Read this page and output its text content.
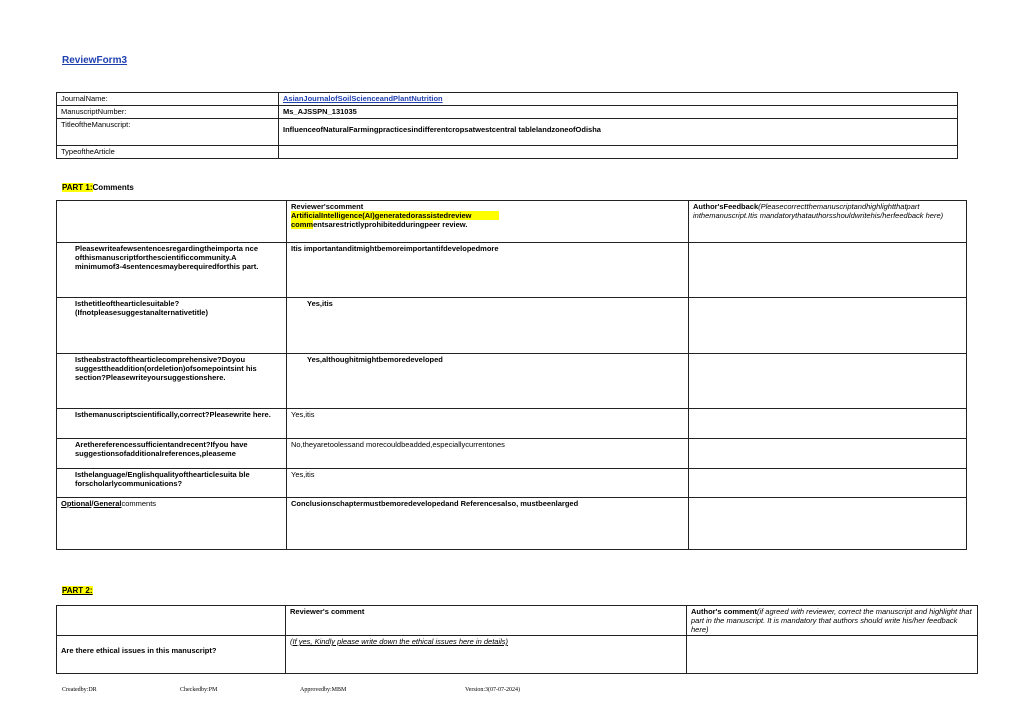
ReviewForm3
JournalName:	AsianJournalofSoilScienceandPlantNutrition
ManuscriptNumber:	Ms_AJSSPN_131035
TitleoftheManuscript:	InfluenceofNaturalFarmingpracticesindifferentcropsatwestcentral tablelandzoneofOdisha
TypeoftheArticle	
PART 1:Comments

	Reviewer'scomment
ArtificialIntelligence(AI)generatedorassistedreview
commentsarestrictlyprohibitedduringpeer review.	Author'sFeedback(Pleasecorrectthemanuscriptandhighlightthatpart inthemanuscript.Itis mandatorythatauthorsshouldwritehis/herfeedback here)
Pleasewriteafewsentencesregardingtheimporta nce ofthismanuscriptforthescientificcommunity.A minimumof3-4sentencesmayberequiredforthis part.	Itis importantanditmightbemoreimportantifdevelopedmore	
Isthetitleofthearticlesuitable? (Ifnotpleasesuggestanalternativetitle)	Yes,itis	
Istheabstractofthearticlecomprehensive?Doyou suggesttheaddition(ordeletion)ofsomepointsint his section?Pleasewriteyoursuggestionshere.	Yes,althoughitmightbemoredeveloped	
Isthemanuscriptscientifically,correct?Pleasewrite here.	Yes,itis	
Arethereferencessufficientandrecent?Ifyou have suggestionsofadditionalreferences,pleaseme	No,theyaretoolessand morecouldbeadded,especiallycurrentones	
Isthelanguage/Englishqualityofthearticlesuita ble forscholarlycommunications?	Yes,itis	
Optional/Generalcomments	Conclusionschaptermustbemoredevelopedand Referencesalso, mustbeenlarged	
PART 2:
	Reviewer's comment	Author's comment(if agreed with reviewer, correct the manuscript and highlight that part in the manuscript. It is mandatory that authors should write his/her feedback here)
Are there ethical issues in this manuscript?	(If yes, Kindly please write down the ethical issues here in details)	
Createdby:DR	Checkedby:PM	Approvedby:MBM	Version:3(07-07-2024)
